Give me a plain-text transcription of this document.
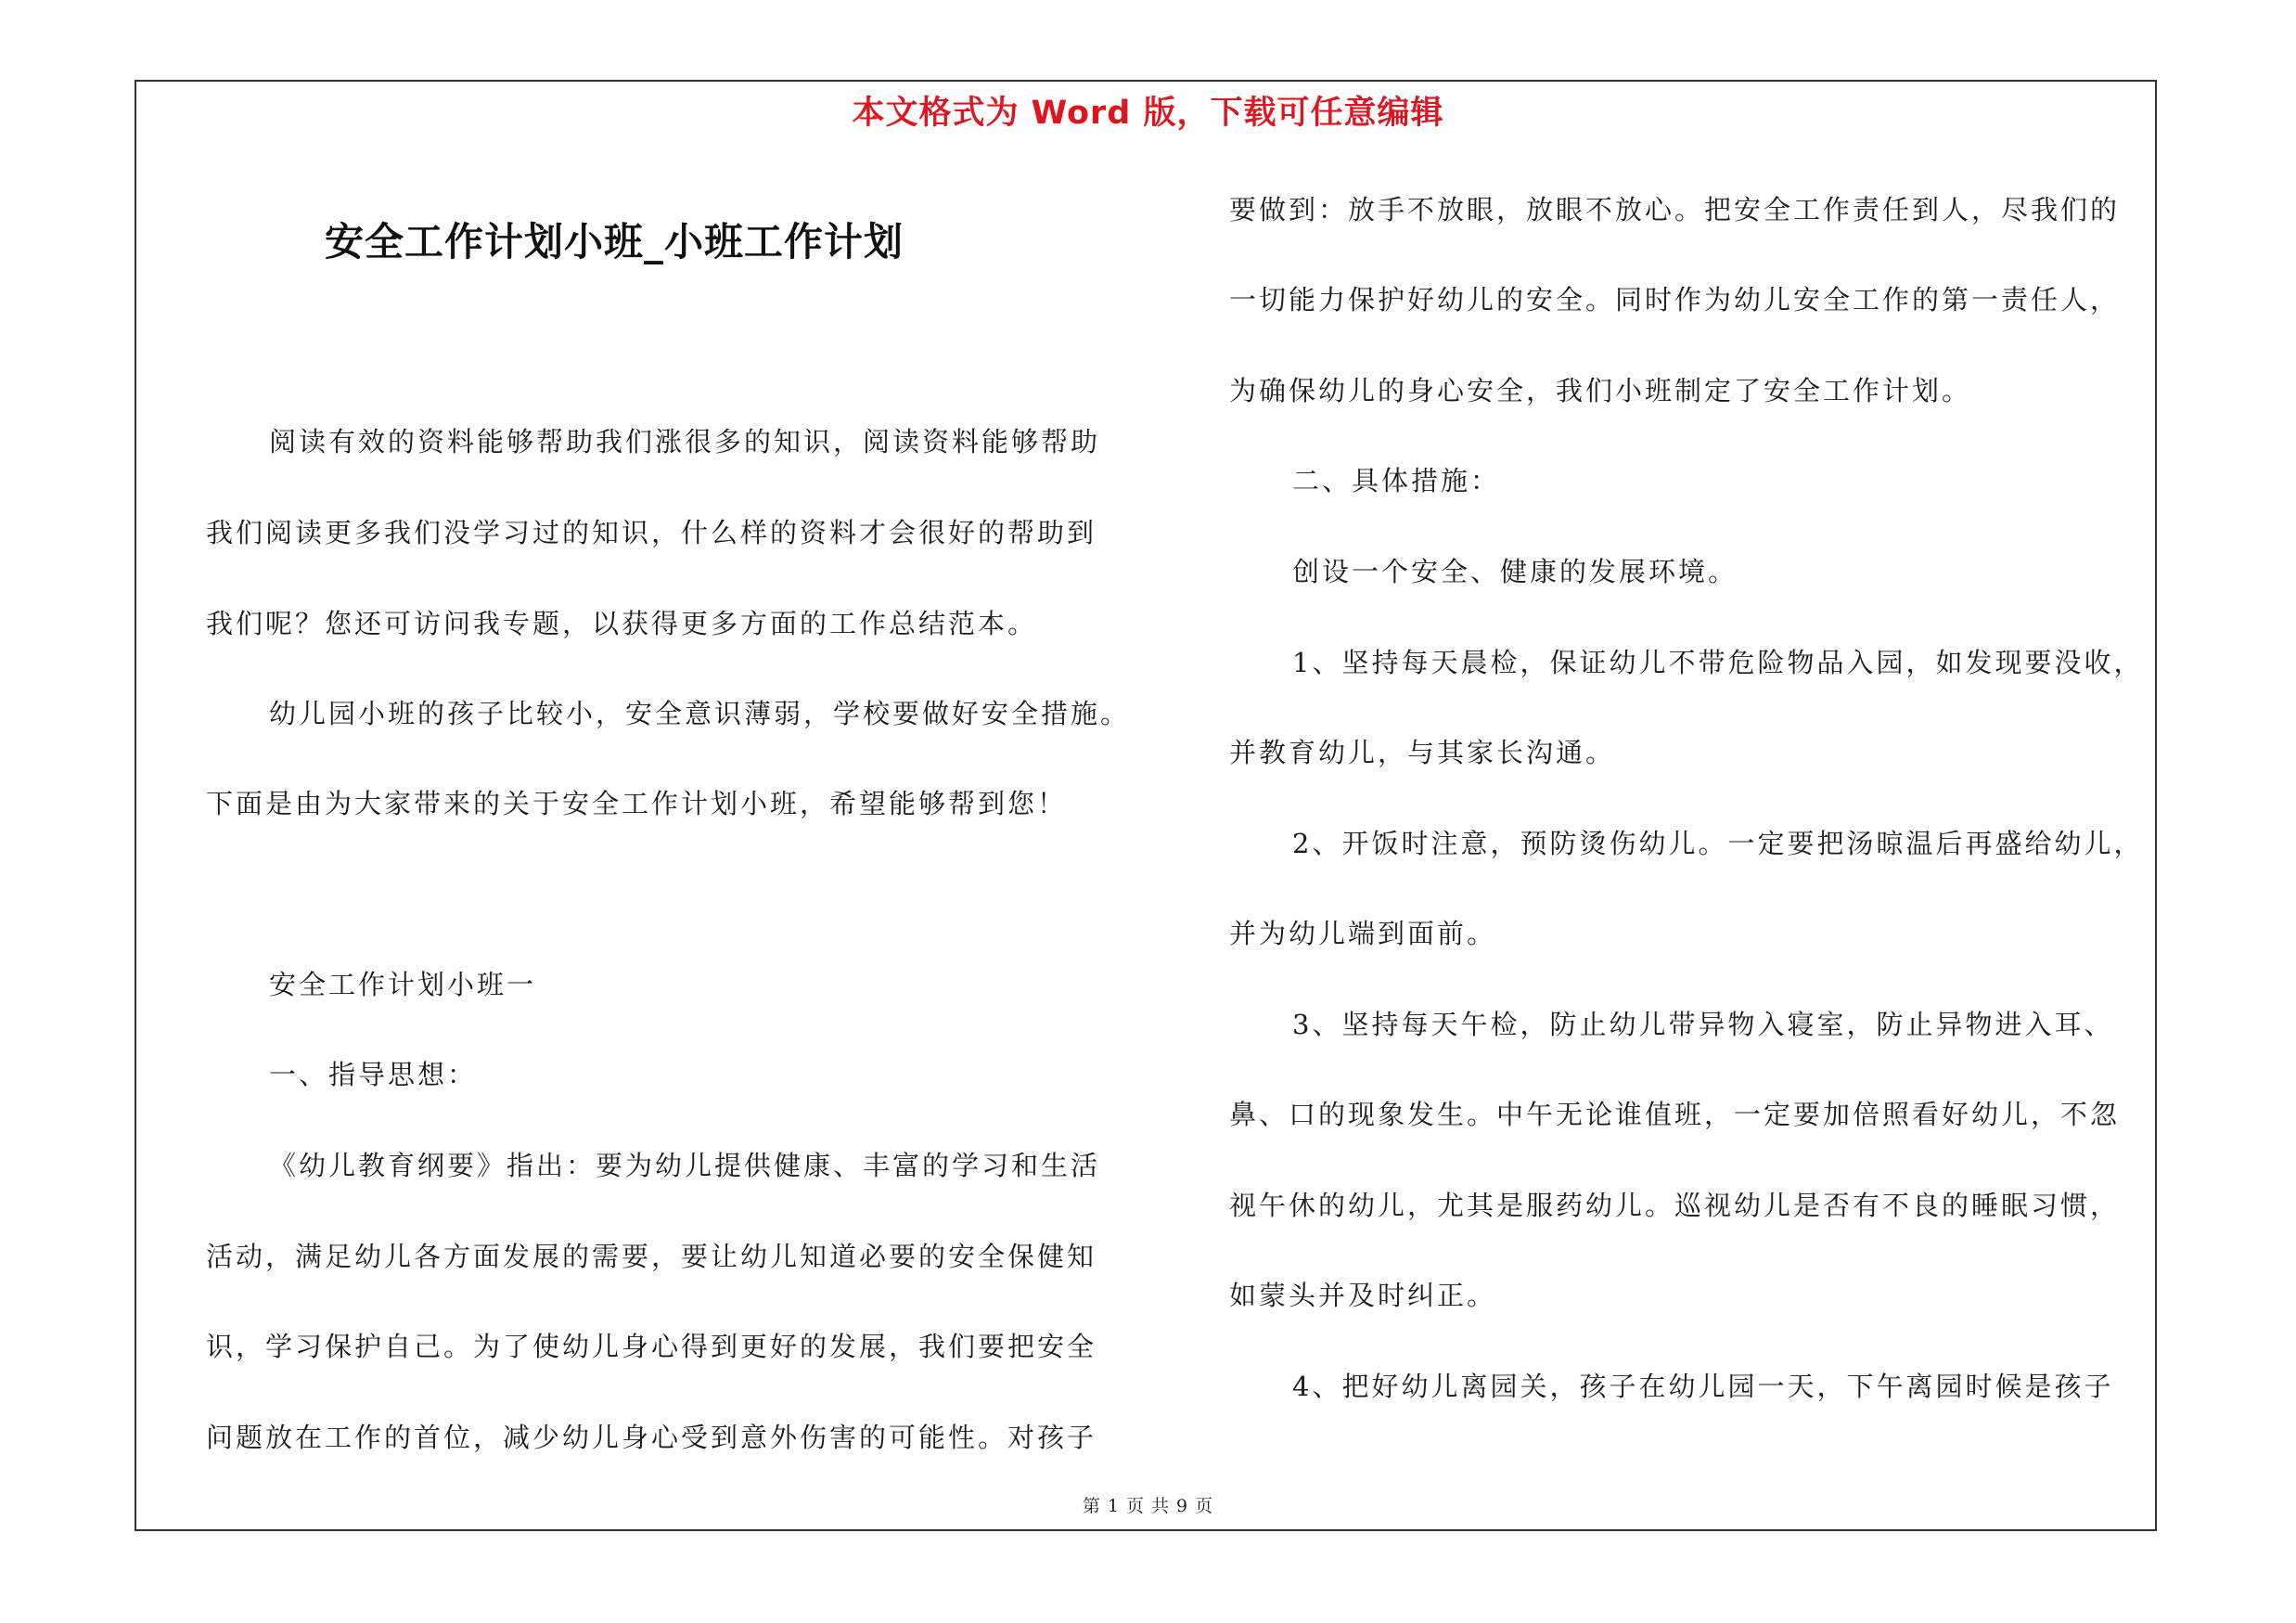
本文格式为 Word 版，下载可任意编辑
安全工作计划小班_小班工作计划
阅读有效的资料能够帮助我们涨很多的知识，阅读资料能够帮助
我们阅读更多我们没学习过的知识，什么样的资料才会很好的帮助到
我们呢？您还可访问我专题，以获得更多方面的工作总结范本。
幼儿园小班的孩子比较小，安全意识薄弱，学校要做好安全措施。
下面是由为大家带来的关于安全工作计划小班，希望能够帮到您！
安全工作计划小班一
一、指导思想：
《幼儿教育纲要》指出：要为幼儿提供健康、丰富的学习和生活
活动，满足幼儿各方面发展的需要，要让幼儿知道必要的安全保健知
识，学习保护自己。为了使幼儿身心得到更好的发展，我们要把安全
问题放在工作的首位，减少幼儿身心受到意外伤害的可能性。对孩子
要做到：放手不放眼，放眼不放心。把安全工作责任到人，尽我们的
一切能力保护好幼儿的安全。同时作为幼儿安全工作的第一责任人，
为确保幼儿的身心安全，我们小班制定了安全工作计划。
二、具体措施：
创设一个安全、健康的发展环境。
1、坚持每天晨检，保证幼儿不带危险物品入园，如发现要没收，
并教育幼儿，与其家长沟通。
2、开饭时注意，预防烫伤幼儿。一定要把汤晾温后再盛给幼儿，
并为幼儿端到面前。
3、坚持每天午检，防止幼儿带异物入寝室，防止异物进入耳、
鼻、口的现象发生。中午无论谁值班，一定要加倍照看好幼儿，不忽
视午休的幼儿，尤其是服药幼儿。巡视幼儿是否有不良的睡眠习惯，
如蒙头并及时纠正。
4、把好幼儿离园关，孩子在幼儿园一天，下午离园时候是孩子
第 1 页 共 9 页
